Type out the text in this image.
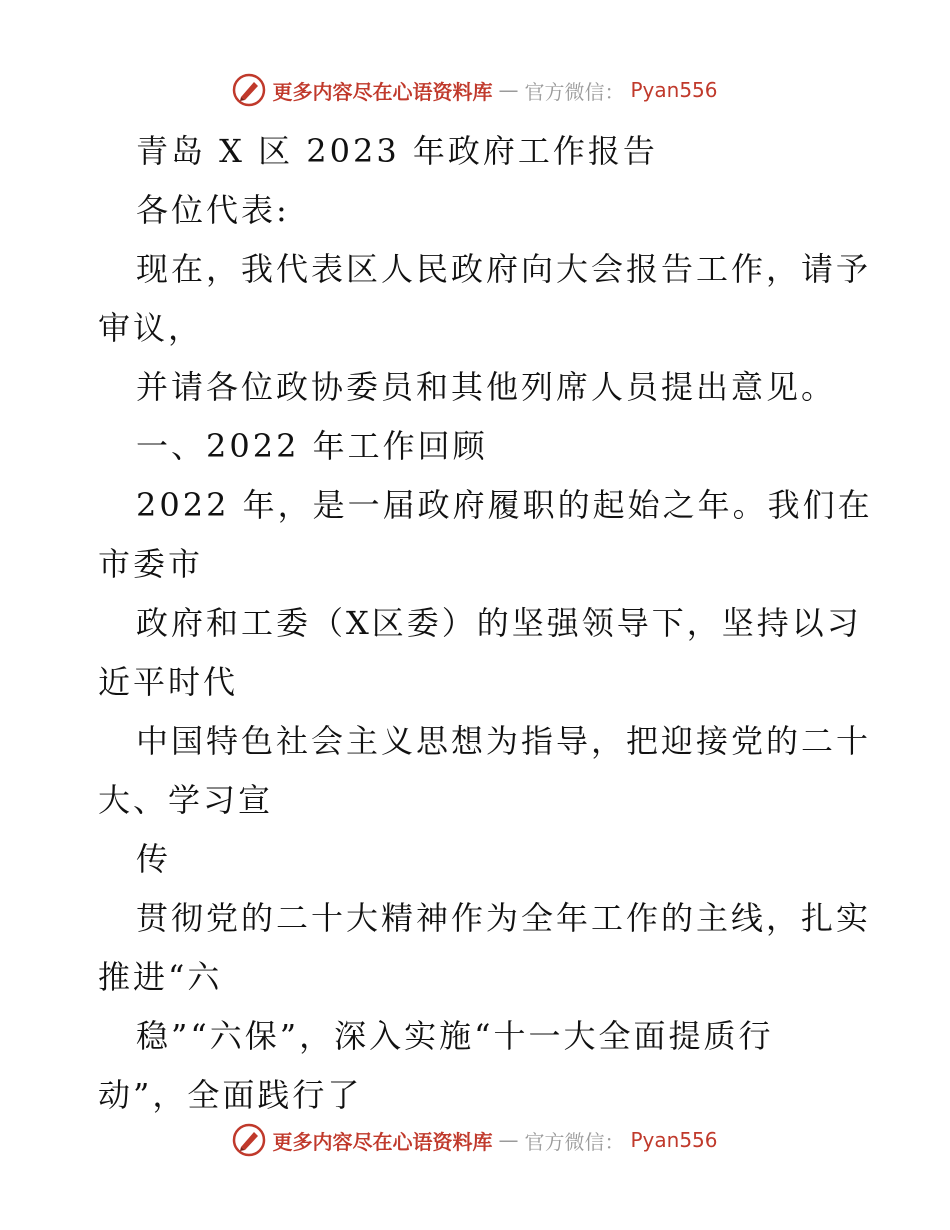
更多内容尽在心语资料库 — 官方微信： Pyan556
青岛 X 区 2023 年政府工作报告
各位代表:
现在，我代表区人民政府向大会报告工作，请予
审议，
并请各位政协委员和其他列席人员提出意见。
一、2022 年工作回顾
2022 年，是一届政府履职的起始之年。我们在
市委市
政府和工委（X区委）的坚强领导下，坚持以习
近平时代
中国特色社会主义思想为指导，把迎接党的二十
大、学习宣
传
贯彻党的二十大精神作为全年工作的主线，扎实
推进“六
稳”“六保”，深入实施“十一大全面提质行
动”，全面践行了
更多内容尽在心语资料库 — 官方微信： Pyan556
